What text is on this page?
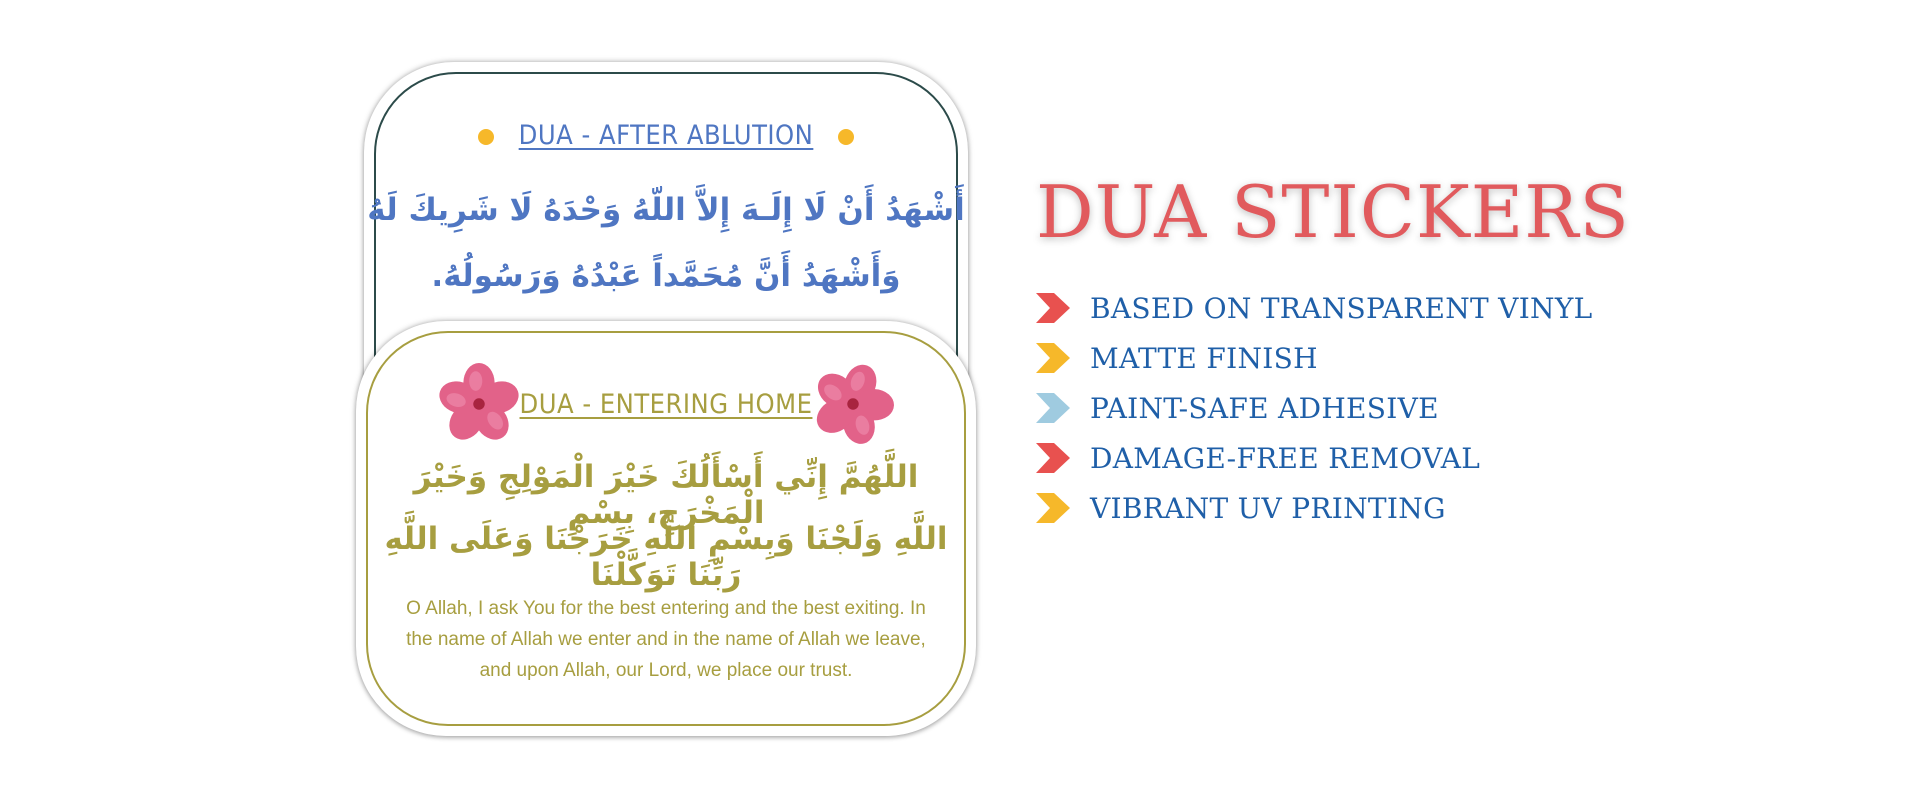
DUA - AFTER ABLUTION
أَشْهَدُ أَنْ لَا إِلَـهَ إِلاَّ اللّهُ وَحْدَهُ لَا شَرِيكَ لَهُ
وَأَشْهَدُ أَنَّ مُحَمَّداً عَبْدُهُ وَرَسُولُهُ.
DUA - ENTERING HOME
اللَّهُمَّ إِنِّي أَسْأَلُكَ خَيْرَ الْمَوْلِجِ وَخَيْرَ الْمَخْرَجِ، بِسْمِ
اللَّهِ وَلَجْنَا وَبِسْمِ اللَّهِ خَرَجْنَا وَعَلَى اللَّهِ رَبِّنَا تَوَكَّلْنَا
O Allah, I ask You for the best entering and the best exiting. In
the name of Allah we enter and in the name of Allah we leave,
and upon Allah, our Lord, we place our trust.
DUA STICKERS
BASED ON TRANSPARENT VINYL
MATTE FINISH
PAINT-SAFE ADHESIVE
DAMAGE-FREE REMOVAL
VIBRANT UV PRINTING
